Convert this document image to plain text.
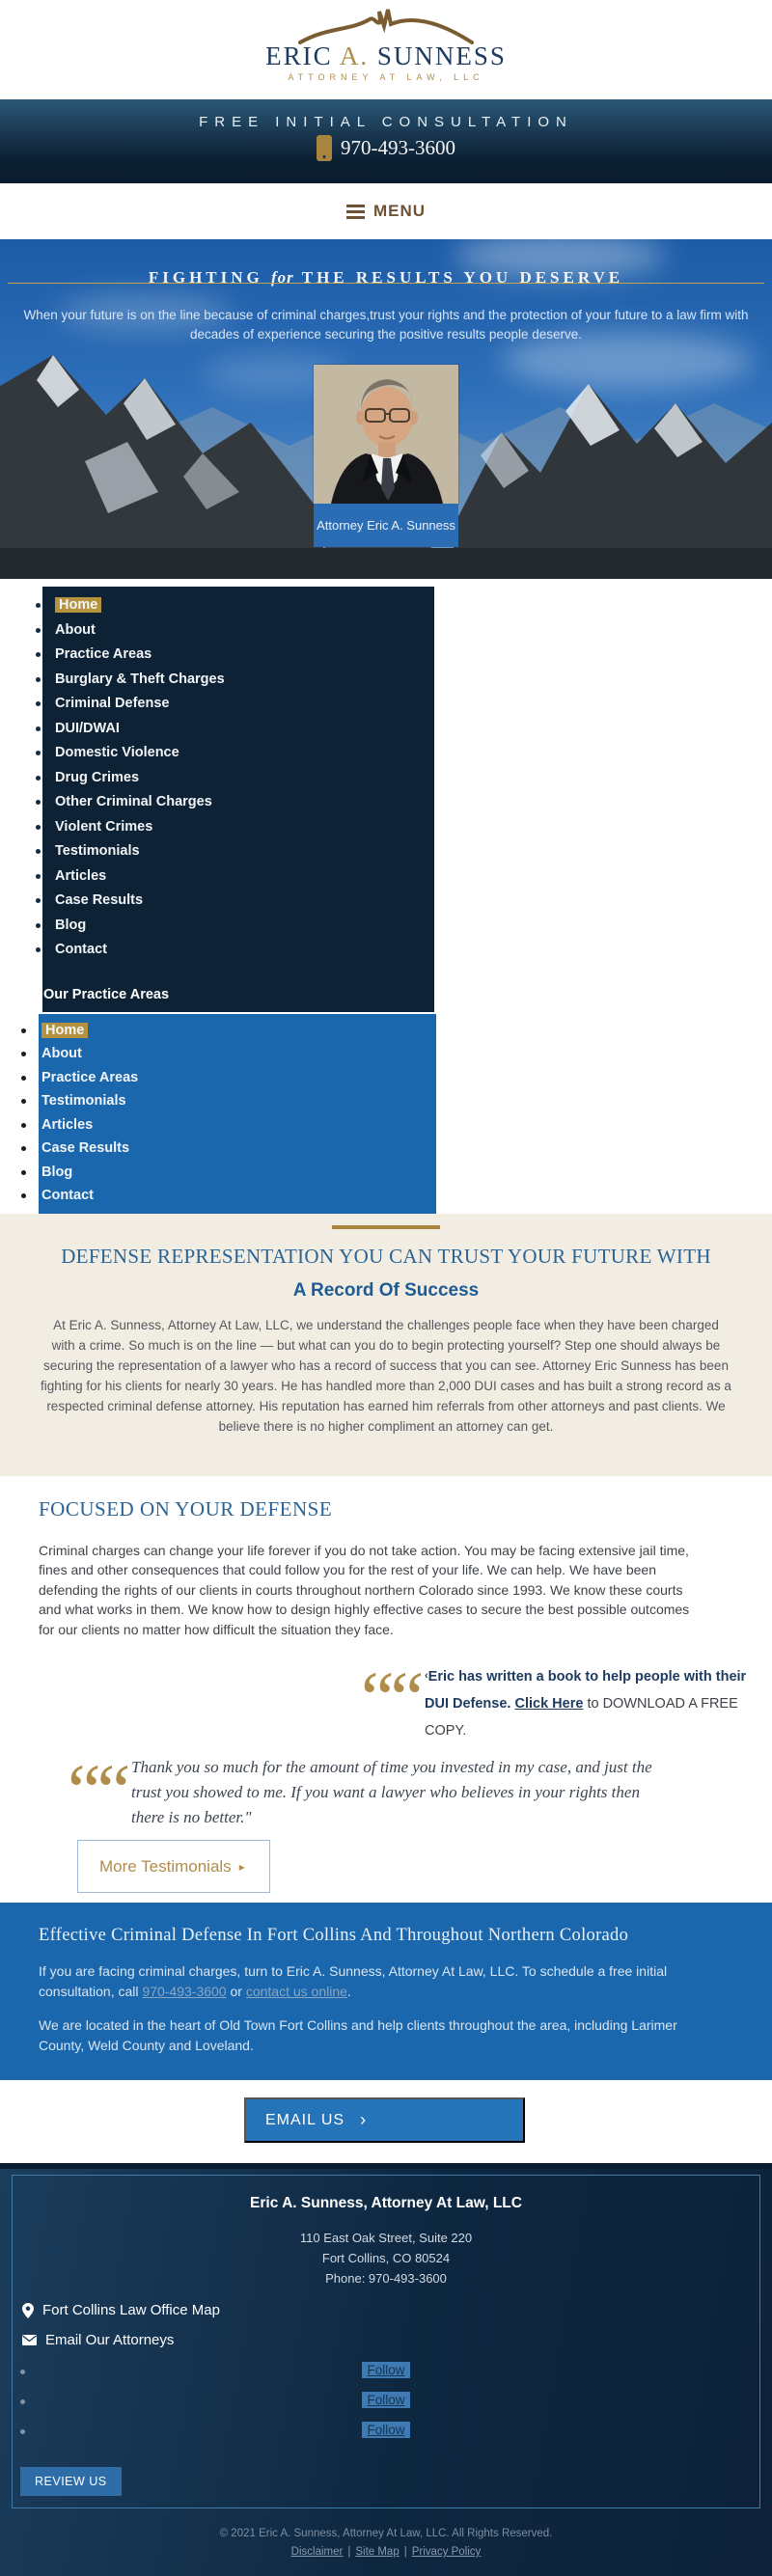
ERIC A. SUNNESS
ATTORNEY AT LAW, LLC
FREE INITIAL CONSULTATION
970-493-3600
MENU
FIGHTING for THE RESULTS YOU DESERVE

When your future is on the line because of criminal charges,trust your rights and the protection of your future to a law firm with decades of experience securing the positive results people deserve.

Attorney Eric A. Sunness
Home
About
Practice Areas
Burglary & Theft Charges
Criminal Defense
DUI/DWAI
Domestic Violence
Drug Crimes
Other Criminal Charges
Violent Crimes
Testimonials
Articles
Case Results
Blog
Contact
Our Practice Areas
Home
About
Practice Areas
Testimonials
Articles
Case Results
Blog
Contact
DEFENSE REPRESENTATION YOU CAN TRUST YOUR FUTURE WITH
A Record Of Success

At Eric A. Sunness, Attorney At Law, LLC, we understand the challenges people face when they have been charged with a crime. So much is on the line — but what can you do to begin protecting yourself? Step one should always be securing the representation of a lawyer who has a record of success that you can see. Attorney Eric Sunness has been fighting for his clients for nearly 30 years. He has handled more than 2,000 DUI cases and has built a strong record as a respected criminal defense attorney. His reputation has earned him referrals from other attorneys and past clients. We believe there is no higher compliment an attorney can get.

FOCUSED ON YOUR DEFENSE

Criminal charges can change your life forever if you do not take action. You may be facing extensive jail time, fines and other consequences that could follow you for the rest of your life. We can help. We have been defending the rights of our clients in courts throughout northern Colorado since 1993. We know these courts and what works in them. We know how to design highly effective cases to secure the best possible outcomes for our clients no matter how difficult the situation they face.

““ ‹Eric has written a book to help people with their DUI Defense. Click Here to DOWNLOAD A FREE COPY.
““ Thank you so much for the amount of time you invested in my case, and just the trust you showed to me. If you want a lawyer who believes in your rights then there is no better."
More Testimonials ▸
Effective Criminal Defense In Fort Collins And Throughout Northern Colorado

If you are facing criminal charges, turn to Eric A. Sunness, Attorney At Law, LLC. To schedule a free initial consultation, call 970-493-3600 or contact us online.

We are located in the heart of Old Town Fort Collins and help clients throughout the area, including Larimer County, Weld County and Loveland.

EMAIL US ›
Eric A. Sunness, Attorney At Law, LLC
110 East Oak Street, Suite 220
Fort Collins, CO 80524
Phone: 970-493-3600
Fort Collins Law Office Map
Email Our Attorneys
Follow
Follow
Follow
REVIEW US
© 2021 Eric A. Sunness, Attorney At Law, LLC. All Rights Reserved.
Disclaimer | Site Map | Privacy Policy
